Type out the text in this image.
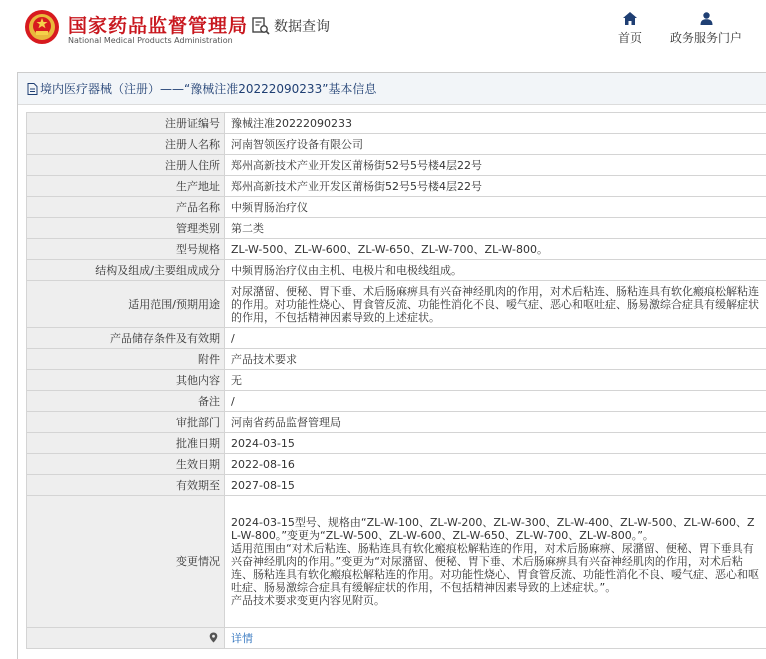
国家药品监督管理局
National Medical Products Administration
数据查询
首页 政务服务门户
境内医疗器械（注册）——“豫械注准20222090233”基本信息
注册证编号	豫械注准20222090233
注册人名称	河南智领医疗设备有限公司
注册人住所	郑州高新技术产业开发区莆杨街52号5号楼4层22号
生产地址	郑州高新技术产业开发区莆杨街52号5号楼4层22号
产品名称	中频胃肠治疗仪
管理类别	第二类
型号规格	ZL-W-500、ZL-W-600、ZL-W-650、ZL-W-700、ZL-W-800。
结构及组成/主要组成成分	中频胃肠治疗仪由主机、电极片和电极线组成。
适用范围/预期用途	对尿潴留、便秘、胃下垂、术后肠麻痹具有兴奋神经肌肉的作用，对术后粘连、肠粘连具有软化瘢痕松解粘连的作用。对功能性烧心、胃食管反流、功能性消化不良、嗳气症、恶心和呕吐症、肠易激综合症具有缓解症状的作用，不包括精神因素导致的上述症状。
产品储存条件及有效期	/
附件	产品技术要求
其他内容	无
备注	/
审批部门	河南省药品监督管理局
批准日期	2024-03-15
生效日期	2022-08-16
有效期至	2027-08-15
变更情况	2024-03-15型号、规格由“ZL-W-100、ZL-W-200、ZL-W-300、ZL-W-400、ZL-W-500、ZL-W-600、ZL-W-800。”变更为“ZL-W-500、ZL-W-600、ZL-W-650、ZL-W-700、ZL-W-800。”。
适用范围由“对术后粘连、肠粘连具有软化瘢痕松解粘连的作用，对术后肠麻痹、尿潴留、便秘、胃下垂具有兴奋神经肌肉的作用。”变更为“对尿潴留、便秘、胃下垂、术后肠麻痹具有兴奋神经肌肉的作用，对术后粘连、肠粘连具有软化瘢痕松解粘连的作用。对功能性烧心、胃食管反流、功能性消化不良、嗳气症、恶心和呕吐症、肠易激综合症具有缓解症状的作用，不包括精神因素导致的上述症状。”。
产品技术要求变更内容见附页。

	详情
